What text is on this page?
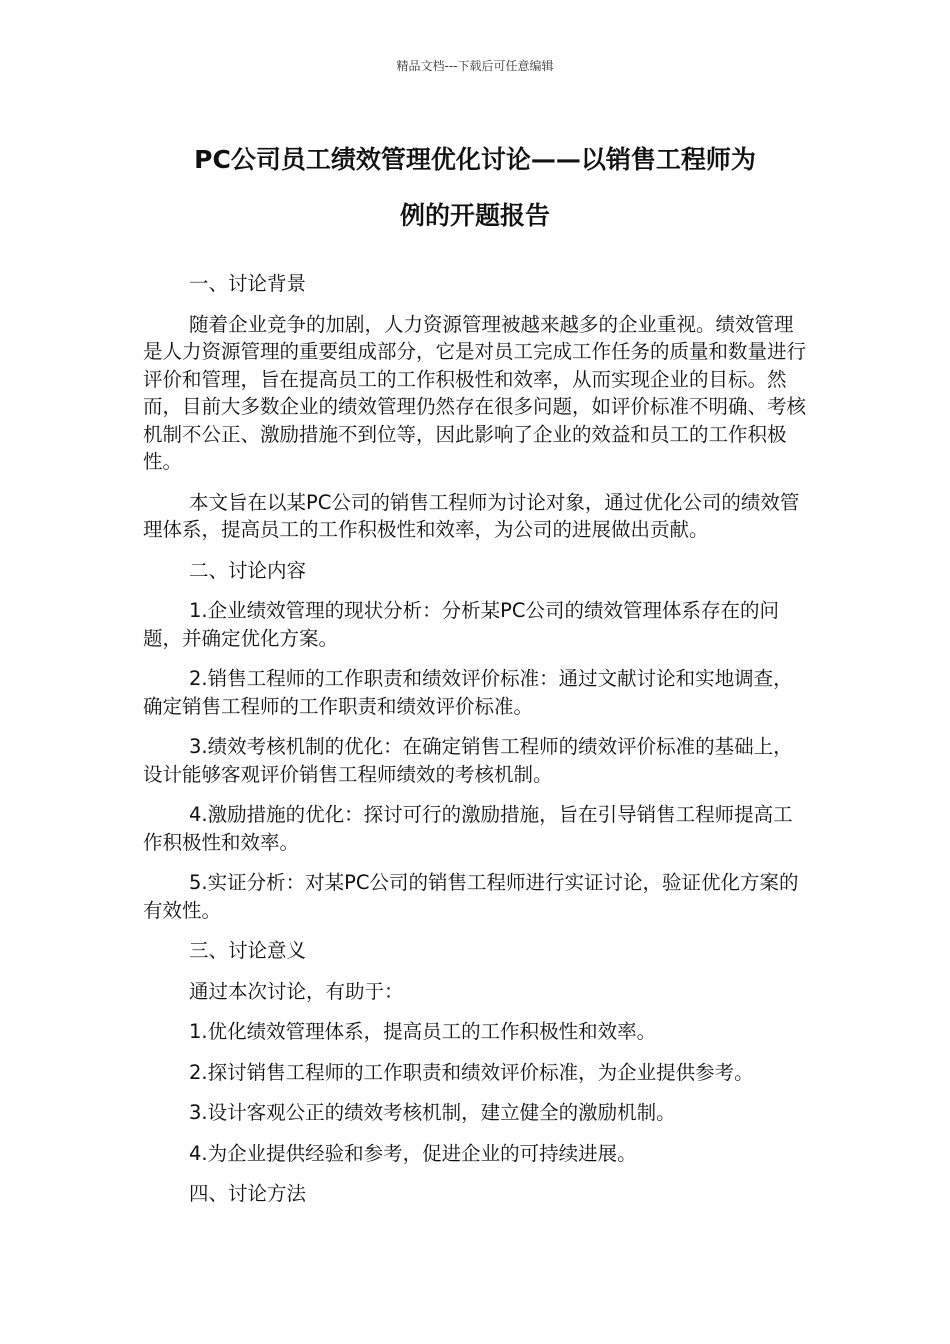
精品文档---下载后可任意编辑
PC公司员工绩效管理优化讨论——以销售工程师为
例的开题报告

一、讨论背景

随着企业竞争的加剧，人力资源管理被越来越多的企业重视。绩效管理是人力资源管理的重要组成部分，它是对员工完成工作任务的质量和数量进行评价和管理，旨在提高员工的工作积极性和效率，从而实现企业的目标。然而，目前大多数企业的绩效管理仍然存在很多问题，如评价标准不明确、考核机制不公正、激励措施不到位等，因此影响了企业的效益和员工的工作积极性。

本文旨在以某PC公司的销售工程师为讨论对象，通过优化公司的绩效管理体系，提高员工的工作积极性和效率，为公司的进展做出贡献。

二、讨论内容

1.企业绩效管理的现状分析：分析某PC公司的绩效管理体系存在的问题，并确定优化方案。

2.销售工程师的工作职责和绩效评价标准：通过文献讨论和实地调查，确定销售工程师的工作职责和绩效评价标准。

3.绩效考核机制的优化：在确定销售工程师的绩效评价标准的基础上，设计能够客观评价销售工程师绩效的考核机制。

4.激励措施的优化：探讨可行的激励措施，旨在引导销售工程师提高工作积极性和效率。

5.实证分析：对某PC公司的销售工程师进行实证讨论，验证优化方案的有效性。

三、讨论意义

通过本次讨论，有助于：

1.优化绩效管理体系，提高员工的工作积极性和效率。

2.探讨销售工程师的工作职责和绩效评价标准，为企业提供参考。

3.设计客观公正的绩效考核机制，建立健全的激励机制。

4.为企业提供经验和参考，促进企业的可持续进展。

四、讨论方法
